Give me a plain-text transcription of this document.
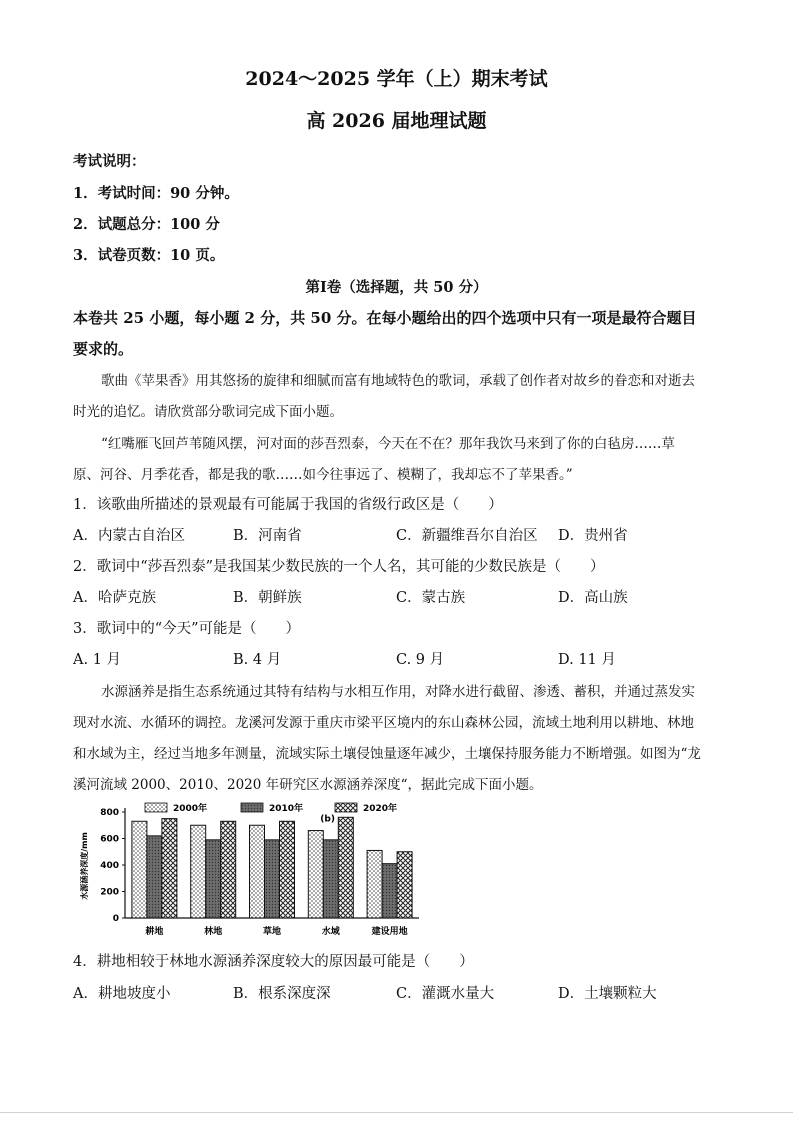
2024～2025 学年（上）期末考试
高 2026 届地理试题
考试说明：
1．考试时间：90 分钟。
2．试题总分：100 分
3．试卷页数：10 页。
第Ⅰ卷（选择题，共 50 分）
本卷共 25 小题，每小题 2 分，共 50 分。在每小题给出的四个选项中只有一项是最符合题目
要求的。
歌曲《苹果香》用其悠扬的旋律和细腻而富有地域特色的歌词，承载了创作者对故乡的眷恋和对逝去
时光的追忆。请欣赏部分歌词完成下面小题。
“红嘴雁飞回芦苇随风摆，河对面的莎吾烈泰，今天在不在？那年我饮马来到了你的白毡房……草
原、河谷、月季花香，都是我的歌……如今往事远了、模糊了，我却忘不了苹果香。”
1．该歌曲所描述的景观最有可能属于我国的省级行政区是（　　）
A．内蒙古自治区	B．河南省	C．新疆维吾尔自治区 D．贵州省
2．歌词中“莎吾烈泰”是我国某少数民族的一个人名，其可能的少数民族是（　　）
A．哈萨克族	B．朝鲜族	C．蒙古族	D．高山族
3．歌词中的“今天”可能是（　　）
A. 1 月	B. 4 月	C. 9 月	D. 11 月
水源涵养是指生态系统通过其特有结构与水相互作用，对降水进行截留、渗透、蓄积，并通过蒸发实
现对水流、水循环的调控。龙溪河发源于重庆市梁平区境内的东山森林公园，流域土地利用以耕地、林地
和水域为主，经过当地多年测量，流域实际土壤侵蚀量逐年减少，土壤保持服务能力不断增强。如图为“龙
溪河流域 2000、2010、2020 年研究区水源涵养深度“，据此完成下面小题。
2000年	2010年	2020年
水源涵养深度/mm
0
200
400
600
800
耕地	林地	草地	水域	建设用地
(b)
4．耕地相较于林地水源涵养深度较大的原因最可能是（　　）
A．耕地坡度小	B．根系深度深	C．灌溉水量大	D．土壤颗粒大
